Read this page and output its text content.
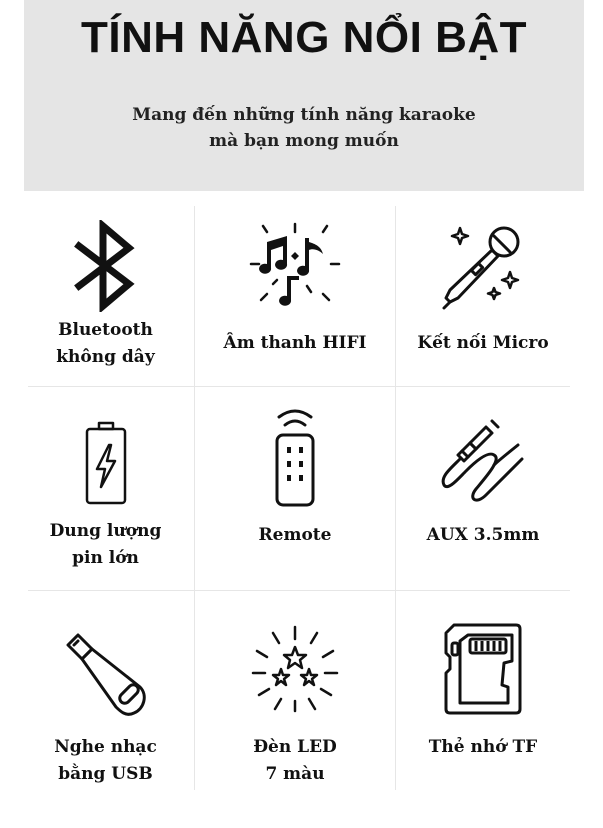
TÍNH NĂNG NỔI BẬT
Mang đến những tính năng karaoke
mà bạn mong muốn
Bluetooth
không dây
Âm thanh HIFI	Kết nối Micro
Dung lượng
pin lớn
Remote	AUX 3.5mm
Nghe nhạc
bằng USB
Đèn LED
7 màu
Thẻ nhớ TF
